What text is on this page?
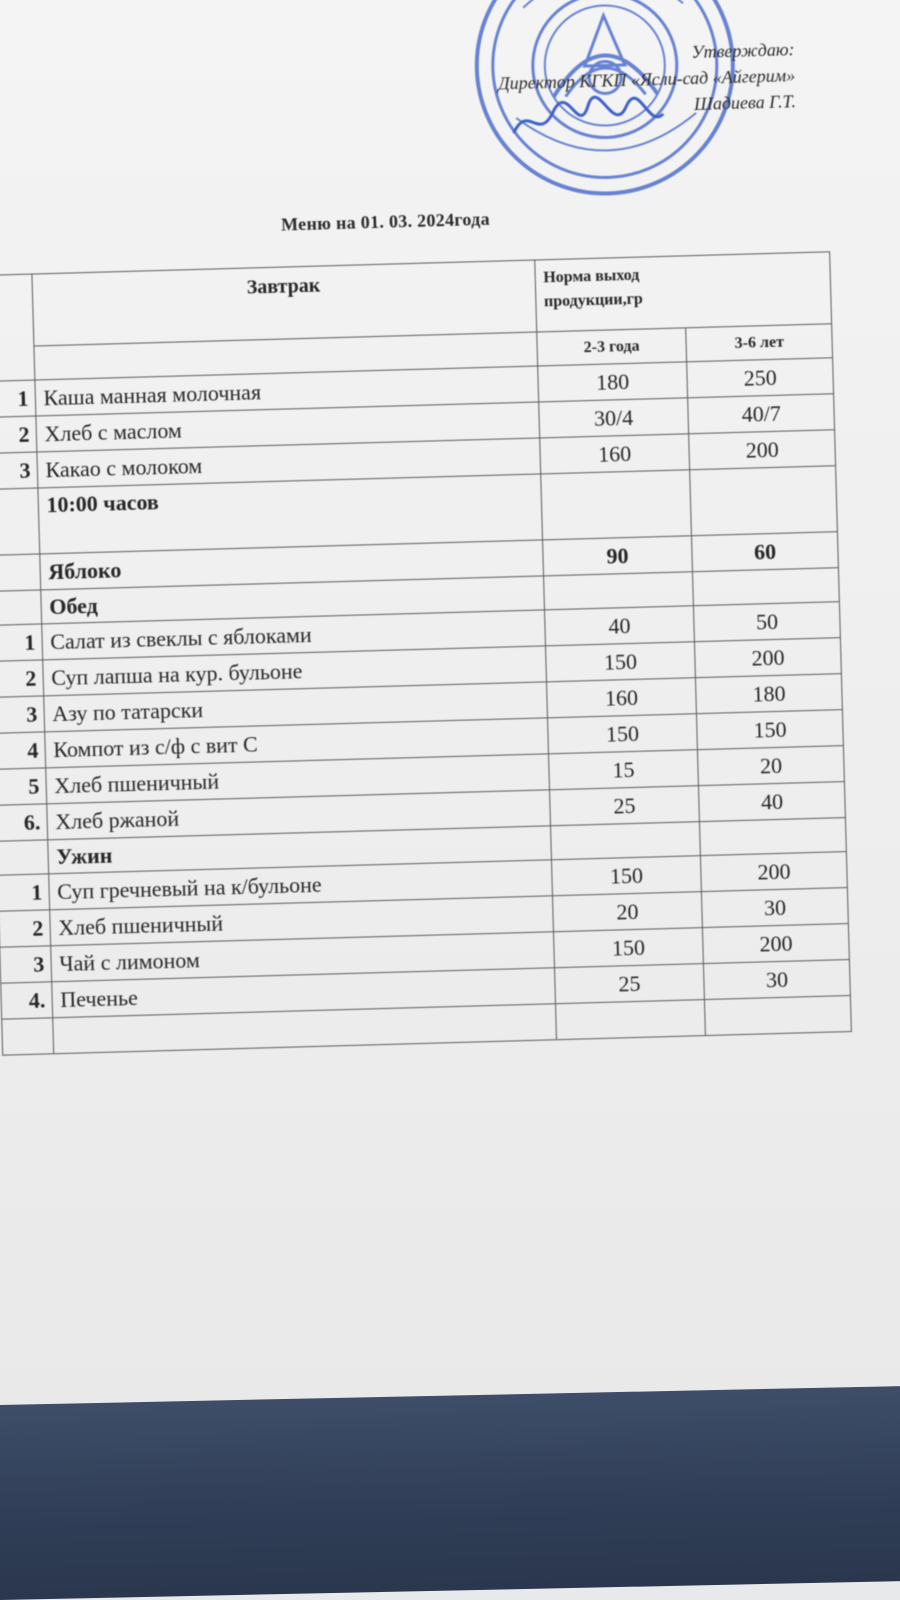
Утверждаю:
Директор КГКП «Ясли-сад «Айгерим»
Шадиева Г.Т.
Меню на 01. 03. 2024года
	Завтрак	Норма выход
продукции,гр	
		2-3 года	3-6 лет
1	Каша манная молочная	180	250
2	Хлеб с маслом	30/4	40/7
3	Какао с молоком	160	200
	10:00 часов		
	Яблоко	90	60
	Обед		
1	Салат из свеклы с яблоками	40	50
2	Суп лапша на кур. бульоне	150	200
3	Азу по татарски	160	180
4	Компот из с/ф с вит С	150	150
5	Хлеб пшеничный	15	20
6.	Хлеб ржаной	25	40
	Ужин		
1	Суп гречневый на к/бульоне	150	200
2	Хлеб пшеничный	20	30
3	Чай с лимоном	150	200
4.	Печенье	25	30
